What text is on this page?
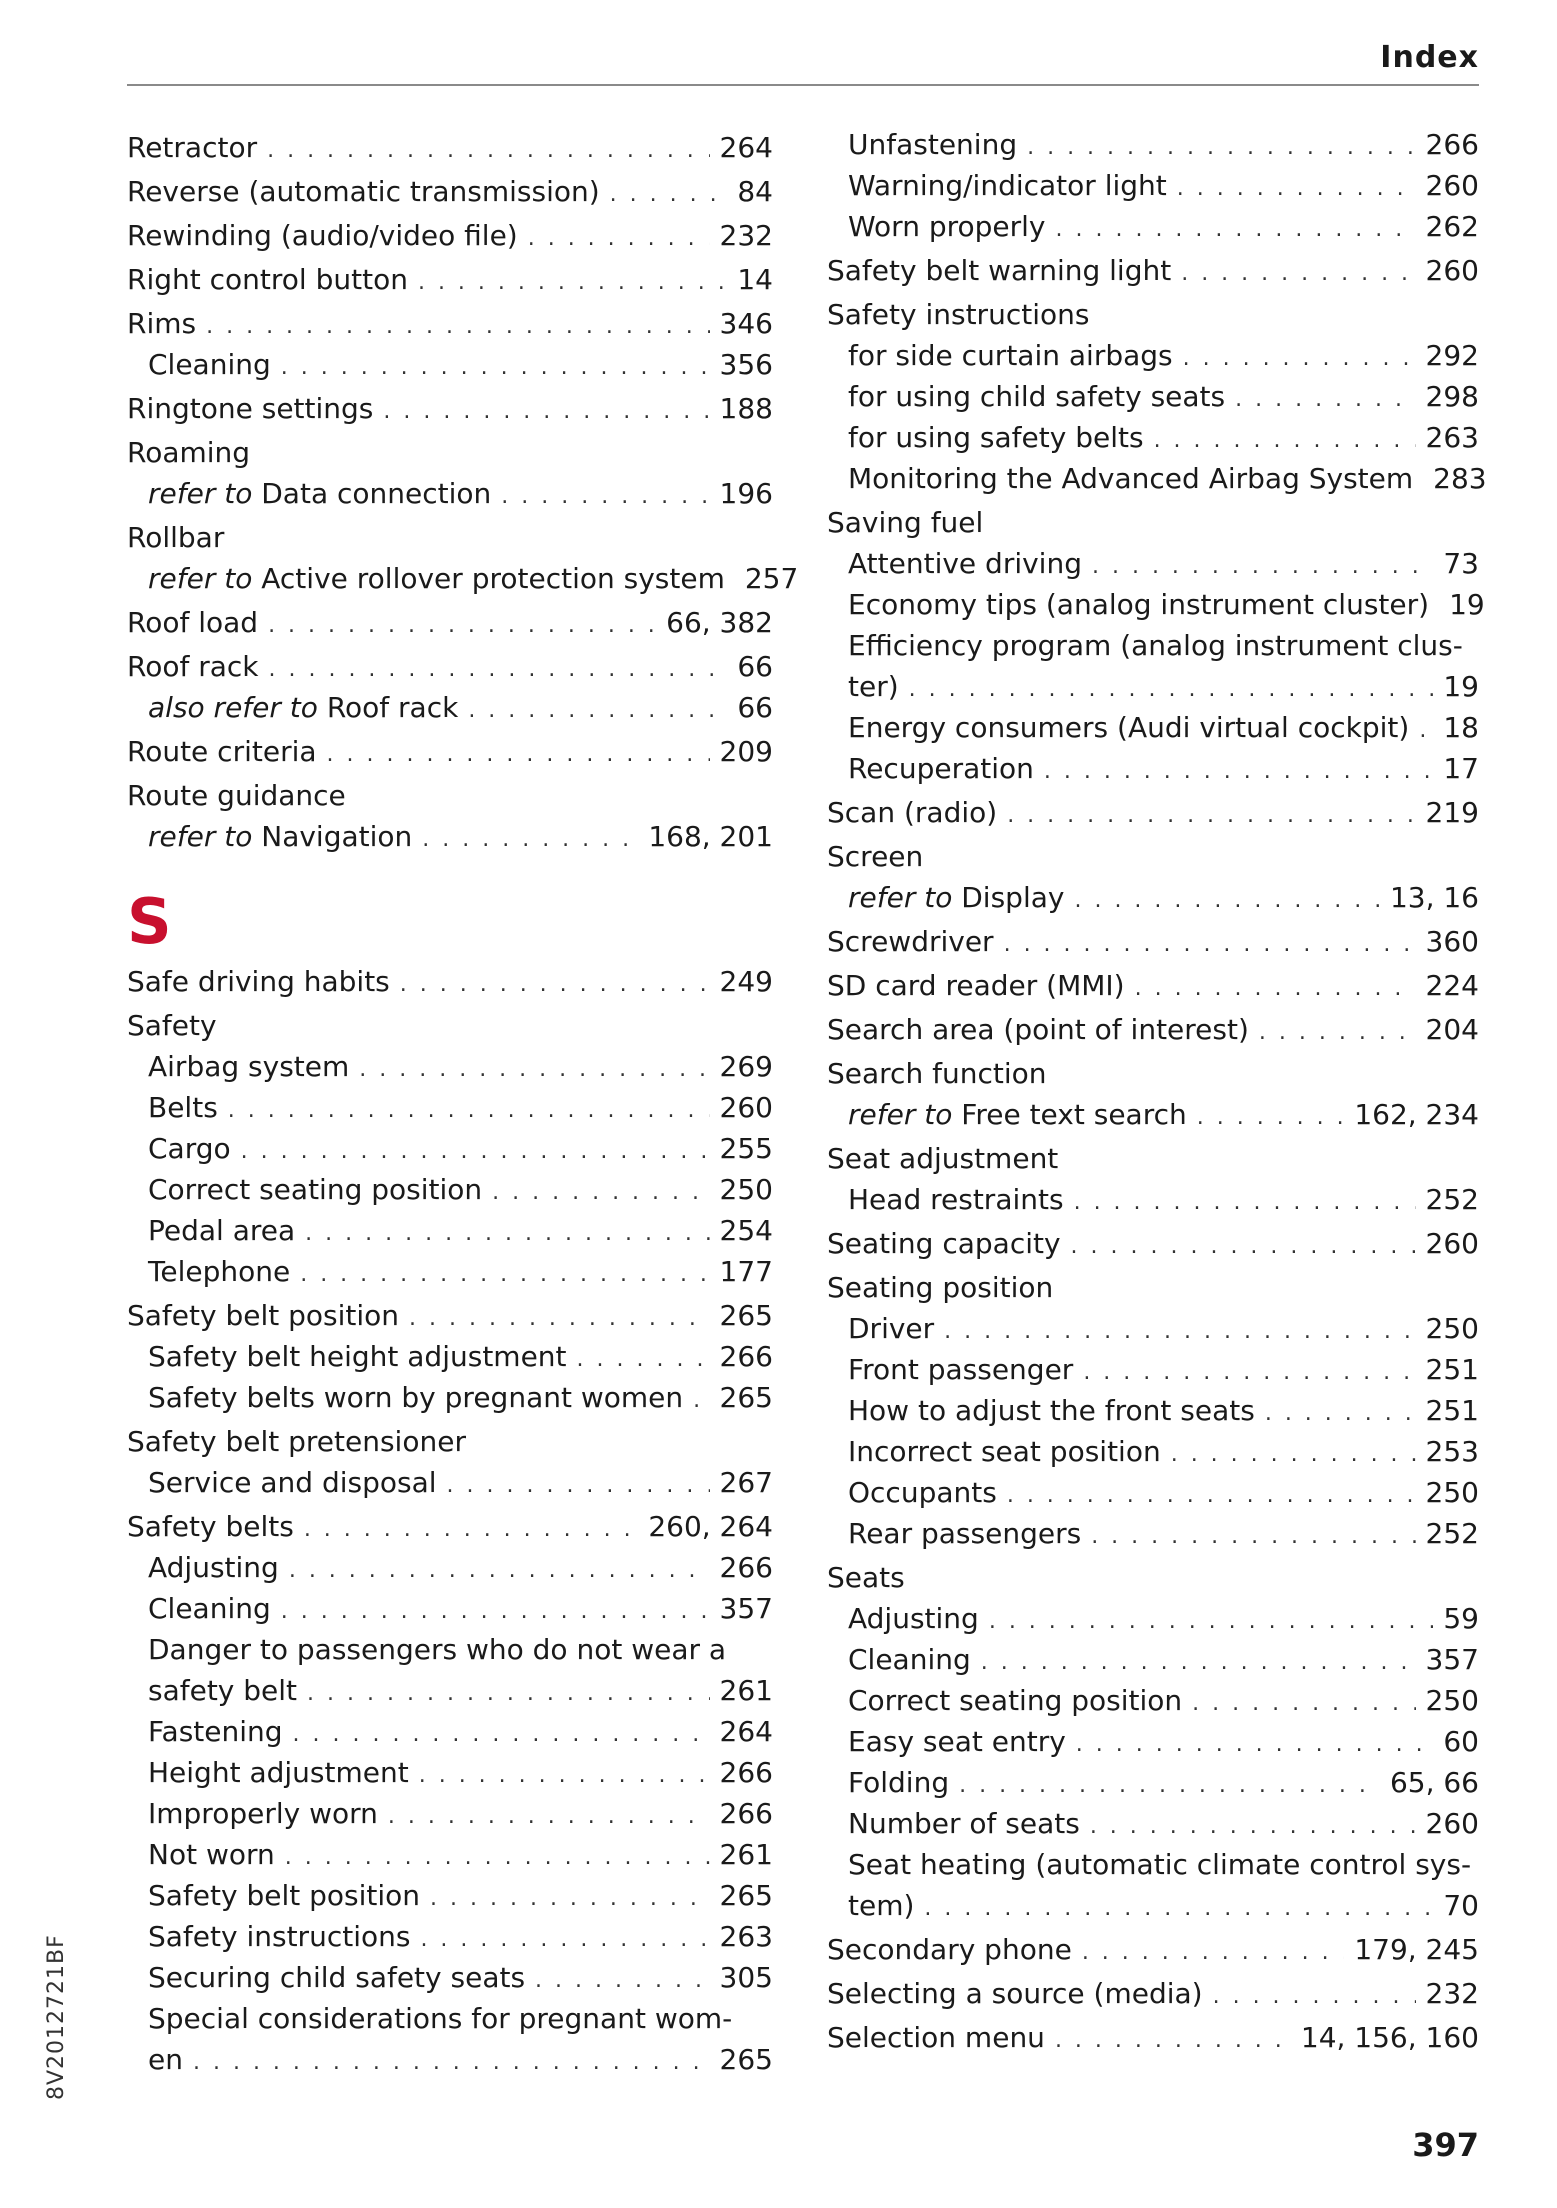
Index
Retractor . . .	264
Reverse (automatic transmission) . . .	84
Rewinding (audio/video file) . . .	232
Right control button . . .	14
Rims . . .	346
Cleaning . . .	356
Ringtone settings . . .	188
Roaming
refer to Data connection . . .	196
Rollbar
refer to Active rollover protection system 257
Roof load . . .	66, 382
Roof rack . . .	66
also refer to Roof rack . . .	66
Route criteria . . .	209
Route guidance
refer to Navigation . . .	168, 201
S
Safe driving habits . . .	249
Safety
Airbag system . . .	269
Belts . . .	260
Cargo . . .	255
Correct seating position . . .	250
Pedal area . . .	254
Telephone . . .	177
Safety belt position . . .	265
Safety belt height adjustment . . .	266
Safety belts worn by pregnant women . . . 265
Safety belt pretensioner
Service and disposal . . .	267
Safety belts . . .	260, 264
Adjusting . . .	266
Cleaning . . .	357
Danger to passengers who do not wear a
safety belt . . .	261
Fastening . . .	264
Height adjustment . . .	266
Improperly worn . . .	266
Not worn . . .	261
Safety belt position . . .	265
Safety instructions . . .	263
Securing child safety seats . . .	305
Special considerations for pregnant wom-
en . . .	265
Unfastening . . .	266
Warning/indicator light . . .	260
Worn properly . . .	262
Safety belt warning light . . .	260
Safety instructions
for side curtain airbags . . .	292
for using child safety seats . . .	298
for using safety belts . . .	263
Monitoring the Advanced Airbag System 283
Saving fuel
Attentive driving . . .	73
Economy tips (analog instrument cluster) 19
Efficiency program (analog instrument clus-
ter) . . .	19
Energy consumers (Audi virtual cockpit) . . . 18
Recuperation . . .	17
Scan (radio) . . .	219
Screen
refer to Display . . .	13, 16
Screwdriver . . .	360
SD card reader (MMI) . . .	224
Search area (point of interest) . . .	204
Search function
refer to Free text search . . .	162, 234
Seat adjustment
Head restraints . . .	252
Seating capacity . . .	260
Seating position
Driver . . .	250
Front passenger . . .	251
How to adjust the front seats . . .	251
Incorrect seat position . . .	253
Occupants . . .	250
Rear passengers . . .	252
Seats
Adjusting . . .	59
Cleaning . . .	357
Correct seating position . . .	250
Easy seat entry . . .	60
Folding . . .	65, 66
Number of seats . . .	260
Seat heating (automatic climate control sys-
tem) . . .	70
Secondary phone . . .	179, 245
Selecting a source (media) . . .	232
Selection menu . . .	14, 156, 160
8V2012721BF
397
